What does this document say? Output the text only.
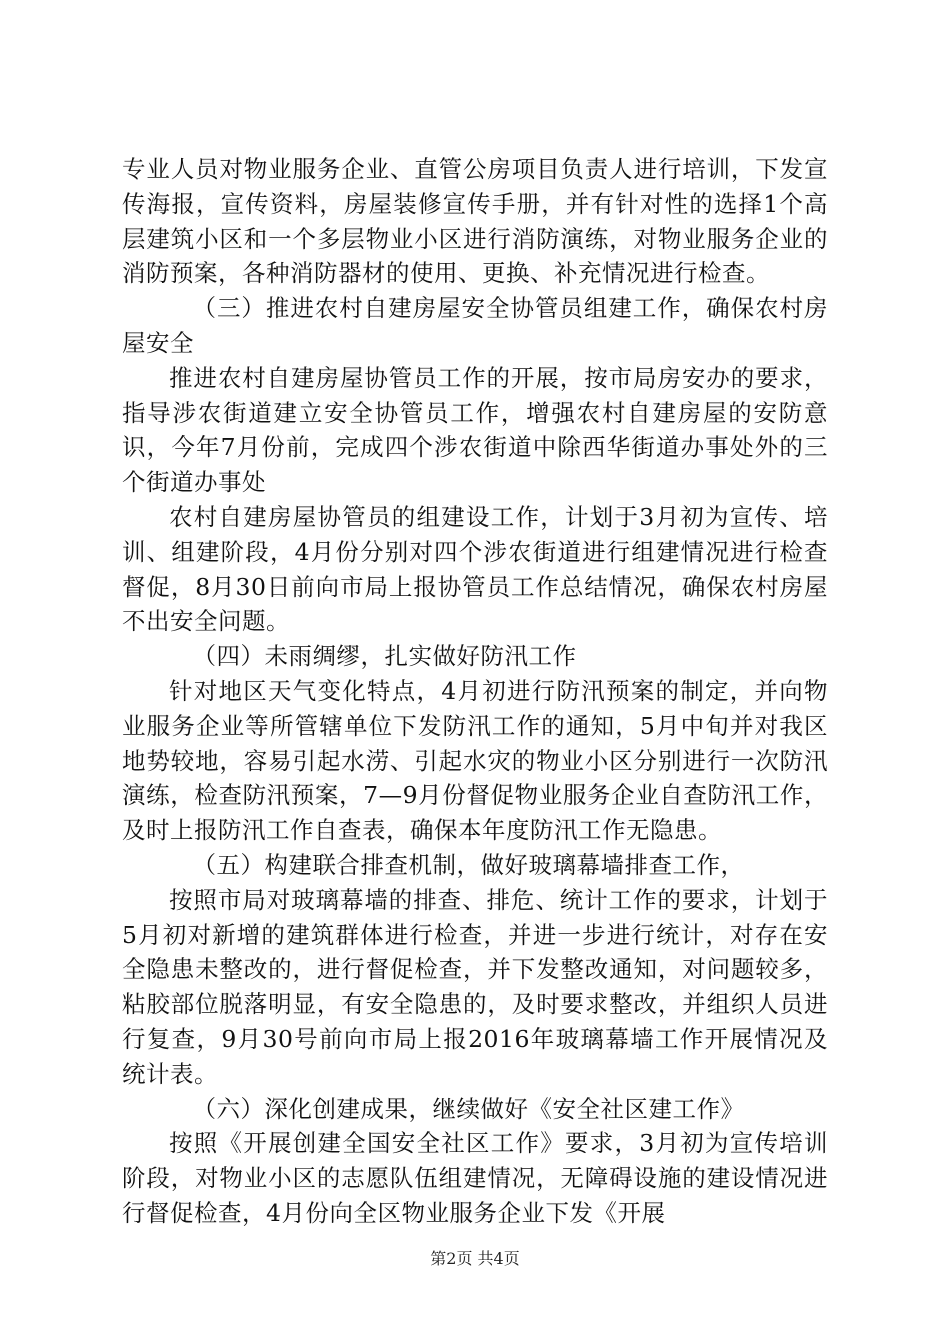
专业人员对物业服务企业、直管公房项目负责人进行培训，下发宣传海报，宣传资料，房屋装修宣传手册，并有针对性的选择1个高层建筑小区和一个多层物业小区进行消防演练，对物业服务企业的消防预案，各种消防器材的使用、更换、补充情况进行检查。

（三）推进农村自建房屋安全协管员组建工作，确保农村房屋安全

推进农村自建房屋协管员工作的开展，按市局房安办的要求，指导涉农街道建立安全协管员工作，增强农村自建房屋的安防意识，今年7月份前，完成四个涉农街道中除西华街道办事处外的三个街道办事处

农村自建房屋协管员的组建设工作，计划于3月初为宣传、培训、组建阶段，4月份分别对四个涉农街道进行组建情况进行检查督促，8月30日前向市局上报协管员工作总结情况，确保农村房屋不出安全问题。

（四）未雨绸缪，扎实做好防汛工作

针对地区天气变化特点，4月初进行防汛预案的制定，并向物业服务企业等所管辖单位下发防汛工作的通知，5月中旬并对我区地势较地，容易引起水涝、引起水灾的物业小区分别进行一次防汛演练，检查防汛预案，7—9月份督促物业服务企业自查防汛工作，及时上报防汛工作自查表，确保本年度防汛工作无隐患。

（五）构建联合排查机制，做好玻璃幕墙排查工作，

按照市局对玻璃幕墙的排查、排危、统计工作的要求，计划于5月初对新增的建筑群体进行检查，并进一步进行统计，对存在安全隐患未整改的，进行督促检查，并下发整改通知，对问题较多，粘胶部位脱落明显，有安全隐患的，及时要求整改，并组织人员进行复查，9月30号前向市局上报2016年玻璃幕墙工作开展情况及统计表。

（六）深化创建成果，继续做好《安全社区建工作》

按照《开展创建全国安全社区工作》要求，3月初为宣传培训阶段，对物业小区的志愿队伍组建情况，无障碍设施的建设情况进行督促检查，4月份向全区物业服务企业下发《开展

第2页 共4页
